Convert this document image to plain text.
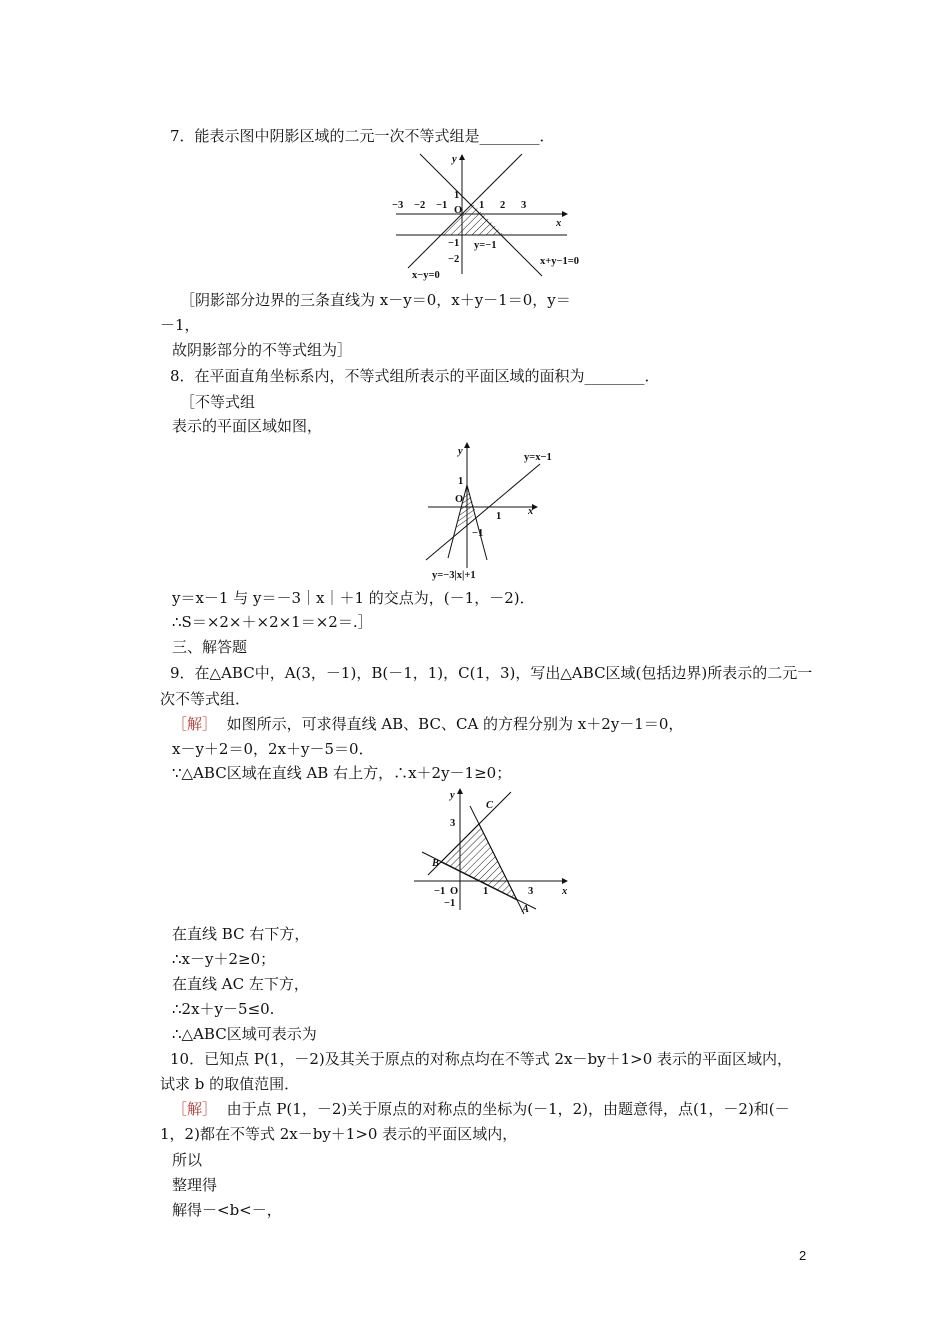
7．能表示图中阴影区域的二元一次不等式组是________．
−3 −2 −1	1 2 3
1
O
−1
−2
x
y
y=−1
x+y−1=0
x−y=0
［阴影部分边界的三条直线为 x－y＝0，x＋y－1＝0，y＝
－1，
故阴影部分的不等式组为］
8．在平面直角坐标系内，不等式组所表示的平面区域的面积为________．
［不等式组
表示的平面区域如图，
y=x−1
y=−3|x|+1
1
O
1
−1
x
y
y＝x－1 与 y＝－3｜x｜＋1 的交点为，(－1，－2)．
∴S＝×2×＋×2×1＝×2＝.］
三、解答题
9．在△ABC中，A(3，－1)，B(－1，1)，C(1，3)，写出△ABC区域(包括边界)所表示的二元一
次不等式组．
［解］ 如图所示，可求得直线 AB、BC、CA 的方程分别为 x＋2y－1＝0，
x－y＋2＝0，2x＋y－5＝0．
∵△ABC区域在直线 AB 右上方，∴x＋2y－1≥0；
C
B
A
3
−1 O 1	3
−1
x
y
在直线 BC 右下方，
∴x－y＋2≥0；
在直线 AC 左下方，
∴2x＋y－5≤0.
∴△ABC区域可表示为
10．已知点 P(1，－2)及其关于原点的对称点均在不等式 2x－by＋1>0 表示的平面区域内，
试求 b 的取值范围．
［解］ 由于点 P(1，－2)关于原点的对称点的坐标为(－1，2)，由题意得，点(1，－2)和(－
1，2)都在不等式 2x－by＋1>0 表示的平面区域内，
所以
整理得
解得－<b<－，
2
